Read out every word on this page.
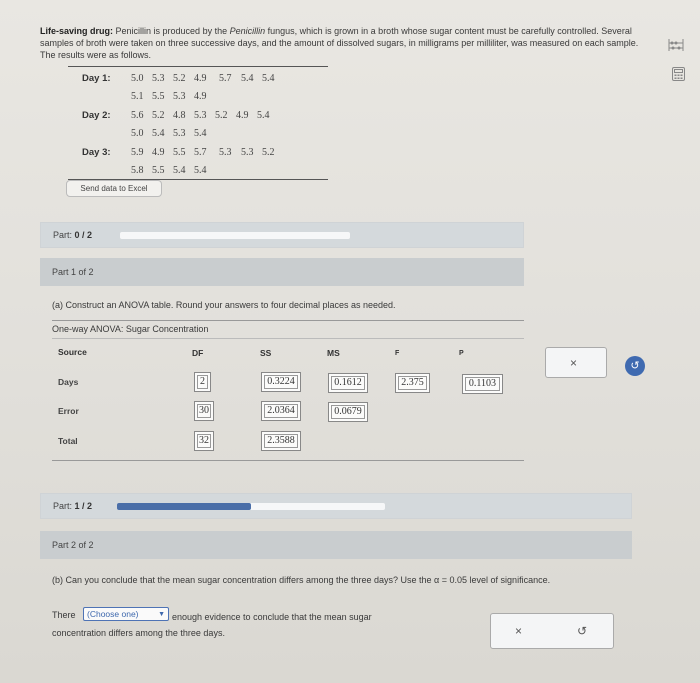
Life-saving drug: Penicillin is produced by the Penicillin fungus, which is grown in a broth whose sugar content must be carefully controlled. Several samples of broth were taken on three successive days, and the amount of dissolved sugars, in milligrams per milliliter, was measured on each sample. The results were as follows.
Day 1: 5.0 5.3 5.2 4.9 5.7 5.4 5.4
5.1 5.5 5.3 4.9
Day 2: 5.6 5.2 4.8 5.3 5.2 4.9 5.4
5.0 5.4 5.3 5.4
Day 3: 5.9 4.9 5.5 5.7 5.3 5.3 5.2
5.8 5.5 5.4 5.4
Send data to Excel
Part: 0 / 2
Part 1 of 2
(a) Construct an ANOVA table. Round your answers to four decimal places as needed.
One-way ANOVA: Sugar Concentration
Source	DF	SS	MS	F	P
Days	2	0.3224	0.1612	2.375	0.1103
Error	30	2.0364	0.0679
Total	32	2.3588
×	↺
Part: 1 / 2
Part 2 of 2
(b) Can you conclude that the mean sugar concentration differs among the three days? Use the α = 0.05 level of significance.
There	(Choose one)	▼ enough evidence to conclude that the mean sugar
concentration differs among the three days.	×	↺
